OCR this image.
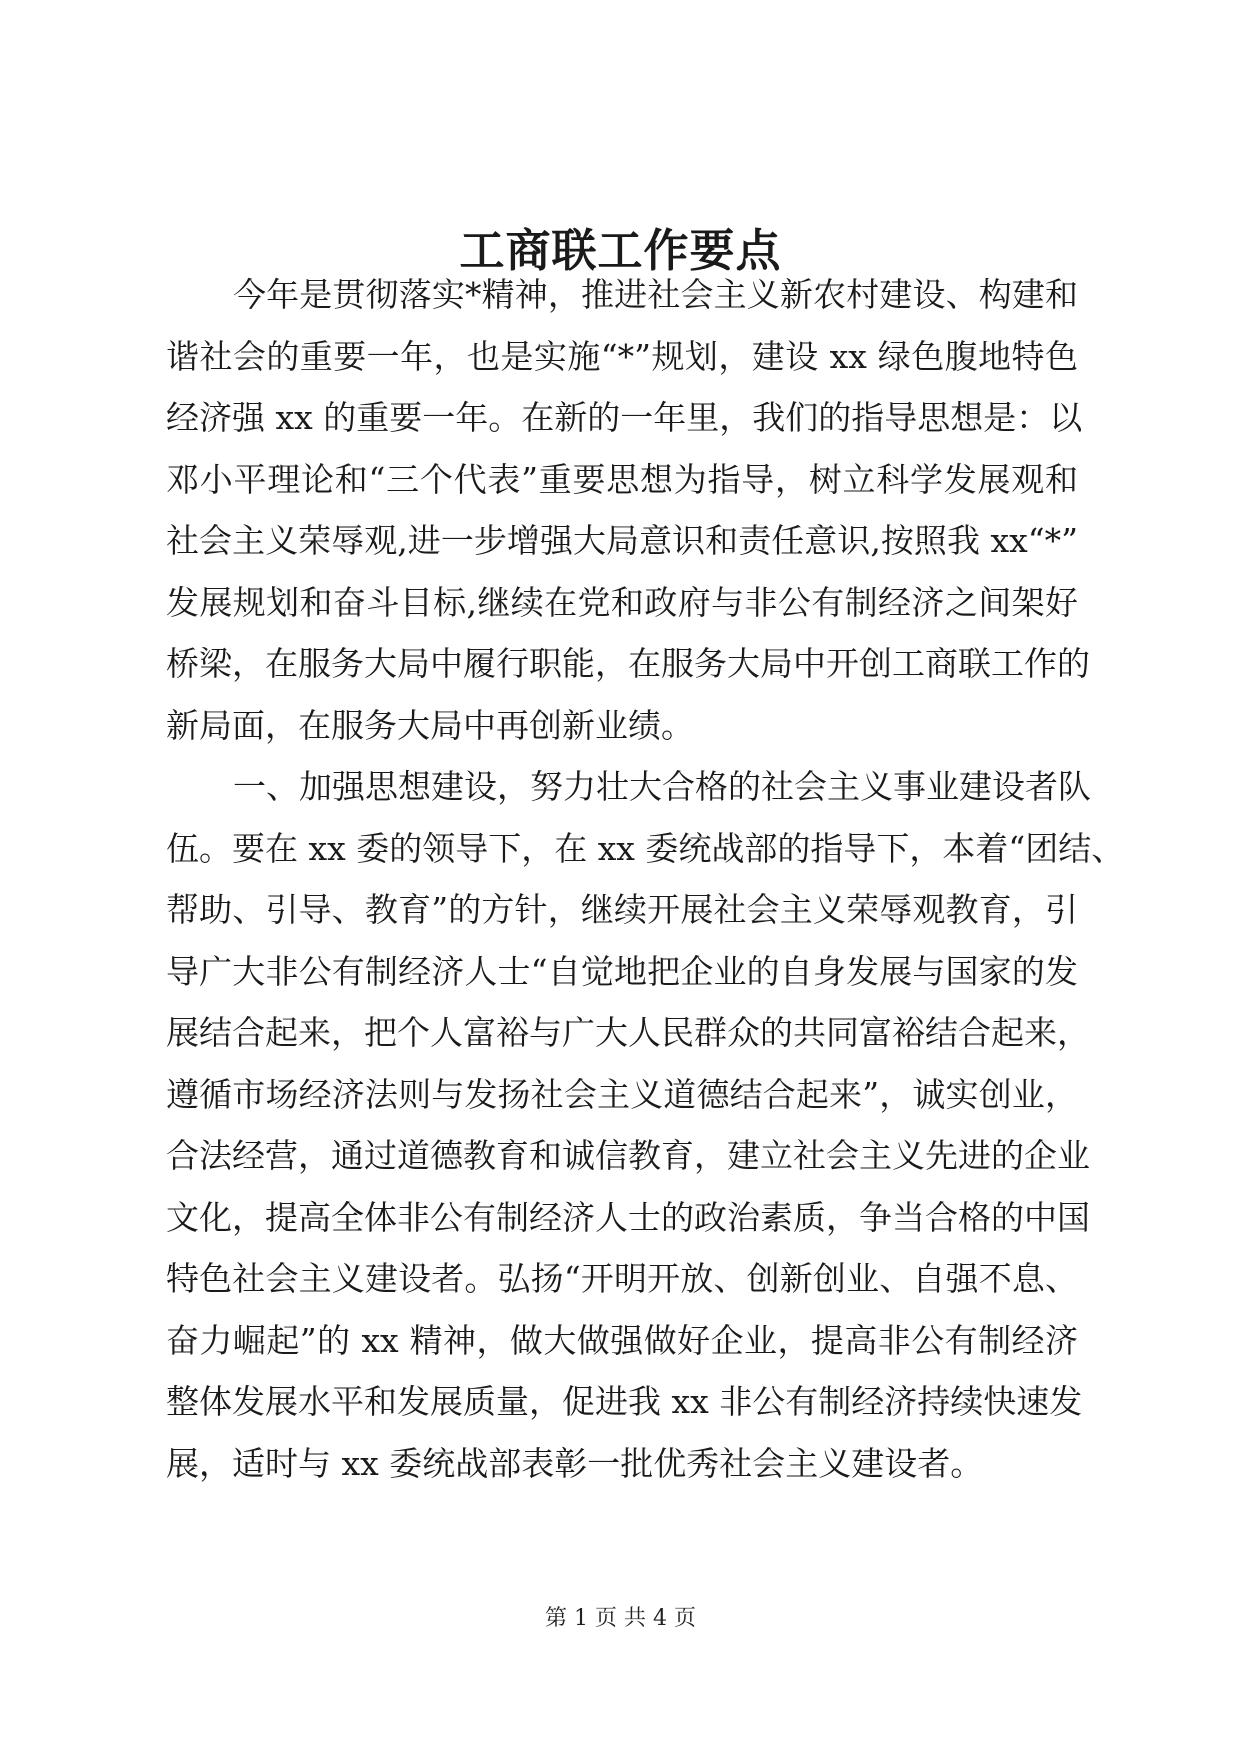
工商联工作要点
今年是贯彻落实*精神，推进社会主义新农村建设、构建和
谐社会的重要一年，也是实施“*”规划，建设 xx 绿色腹地特色
经济强 xx 的重要一年。在新的一年里，我们的指导思想是：以
邓小平理论和“三个代表”重要思想为指导，树立科学发展观和
社会主义荣辱观,进一步增强大局意识和责任意识,按照我 xx“*”
发展规划和奋斗目标,继续在党和政府与非公有制经济之间架好
桥梁，在服务大局中履行职能，在服务大局中开创工商联工作的
新局面，在服务大局中再创新业绩。
一、加强思想建设，努力壮大合格的社会主义事业建设者队
伍。要在 xx 委的领导下，在 xx 委统战部的指导下，本着“团结、
帮助、引导、教育”的方针，继续开展社会主义荣辱观教育，引
导广大非公有制经济人士“自觉地把企业的自身发展与国家的发
展结合起来，把个人富裕与广大人民群众的共同富裕结合起来，
遵循市场经济法则与发扬社会主义道德结合起来”，诚实创业，
合法经营，通过道德教育和诚信教育，建立社会主义先进的企业
文化，提高全体非公有制经济人士的政治素质，争当合格的中国
特色社会主义建设者。弘扬“开明开放、创新创业、自强不息、
奋力崛起”的 xx 精神，做大做强做好企业，提高非公有制经济
整体发展水平和发展质量，促进我 xx 非公有制经济持续快速发
展，适时与 xx 委统战部表彰一批优秀社会主义建设者。
第 1 页 共 4 页
